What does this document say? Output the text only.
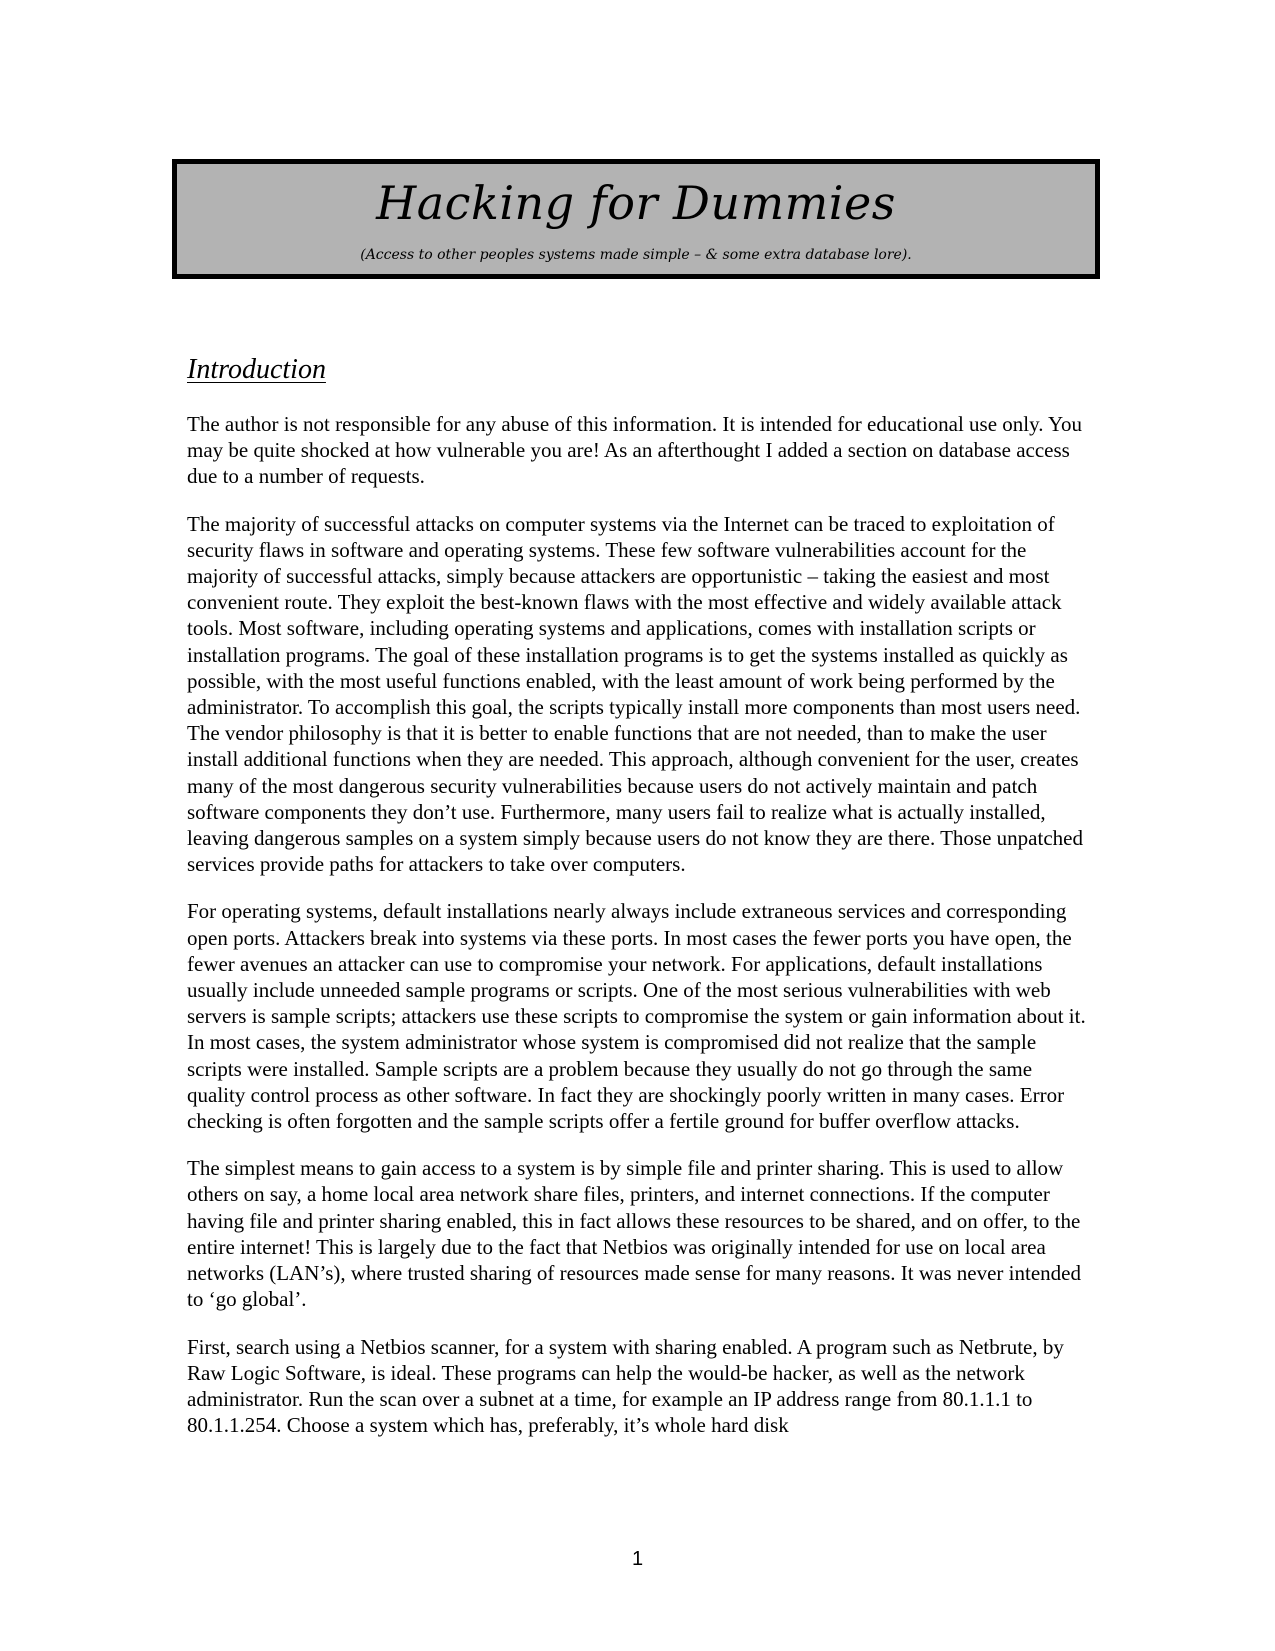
Hacking for Dummies
(Access to other peoples systems made simple – & some extra database lore).
Introduction

The author is not responsible for any abuse of this information. It is intended for educational use only. You may be quite shocked at how vulnerable you are! As an afterthought I added a section on database access due to a number of requests.

The majority of successful attacks on computer systems via the Internet can be traced to exploitation of security flaws in software and operating systems. These few software vulnerabilities account for the majority of successful attacks, simply because attackers are opportunistic – taking the easiest and most convenient route. They exploit the best-known flaws with the most effective and widely available attack tools. Most software, including operating systems and applications, comes with installation scripts or installation programs. The goal of these installation programs is to get the systems installed as quickly as possible, with the most useful functions enabled, with the least amount of work being performed by the administrator. To accomplish this goal, the scripts typically install more components than most users need. The vendor philosophy is that it is better to enable functions that are not needed, than to make the user install additional functions when they are needed. This approach, although convenient for the user, creates many of the most dangerous security vulnerabilities because users do not actively maintain and patch software components they don’t use. Furthermore, many users fail to realize what is actually installed, leaving dangerous samples on a system simply because users do not know they are there. Those unpatched services provide paths for attackers to take over computers.

For operating systems, default installations nearly always include extraneous services and corresponding open ports. Attackers break into systems via these ports. In most cases the fewer ports you have open, the fewer avenues an attacker can use to compromise your network. For applications, default installations usually include unneeded sample programs or scripts. One of the most serious vulnerabilities with web servers is sample scripts; attackers use these scripts to compromise the system or gain information about it. In most cases, the system administrator whose system is compromised did not realize that the sample scripts were installed. Sample scripts are a problem because they usually do not go through the same quality control process as other software. In fact they are shockingly poorly written in many cases. Error checking is often forgotten and the sample scripts offer a fertile ground for buffer overflow attacks.

The simplest means to gain access to a system is by simple file and printer sharing. This is used to allow others on say, a home local area network share files, printers, and internet connections. If the computer having file and printer sharing enabled, this in fact allows these resources to be shared, and on offer, to the entire internet! This is largely due to the fact that Netbios was originally intended for use on local area networks (LAN’s), where trusted sharing of resources made sense for many reasons. It was never intended to ‘go global’.

First, search using a Netbios scanner, for a system with sharing enabled. A program such as Netbrute, by Raw Logic Software, is ideal. These programs can help the would-be hacker, as well as the network administrator. Run the scan over a subnet at a time, for example an IP address range from 80.1.1.1 to 80.1.1.254. Choose a system which has, preferably, it’s whole hard disk

1
